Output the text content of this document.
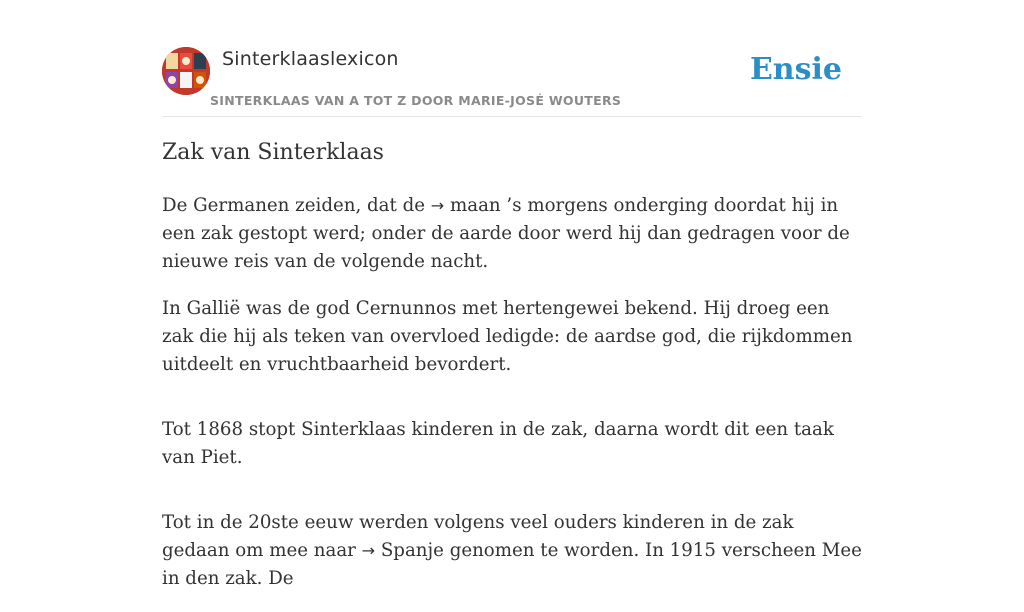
Sinterklaaslexicon
SINTERKLAAS VAN A TOT Z DOOR MARIE-JOSÉ WOUTERS
Ensie
Zak van Sinterklaas

De Germanen zeiden, dat de → maan ’s morgens onderging doordat hij in een zak gestopt werd; onder de aarde door werd hij dan gedragen voor de nieuwe reis van de volgende nacht.

In Gallië was de god Cernunnos met hertengewei bekend. Hij droeg een zak die hij als teken van overvloed ledigde: de aardse god, die rijkdommen uitdeelt en vruchtbaarheid bevordert.

Tot 1868 stopt Sinterklaas kinderen in de zak, daarna wordt dit een taak van Piet.

Tot in de 20ste eeuw werden volgens veel ouders kinderen in de zak gedaan om mee naar → Spanje genomen te worden. In 1915 verscheen Mee in den zak. De
